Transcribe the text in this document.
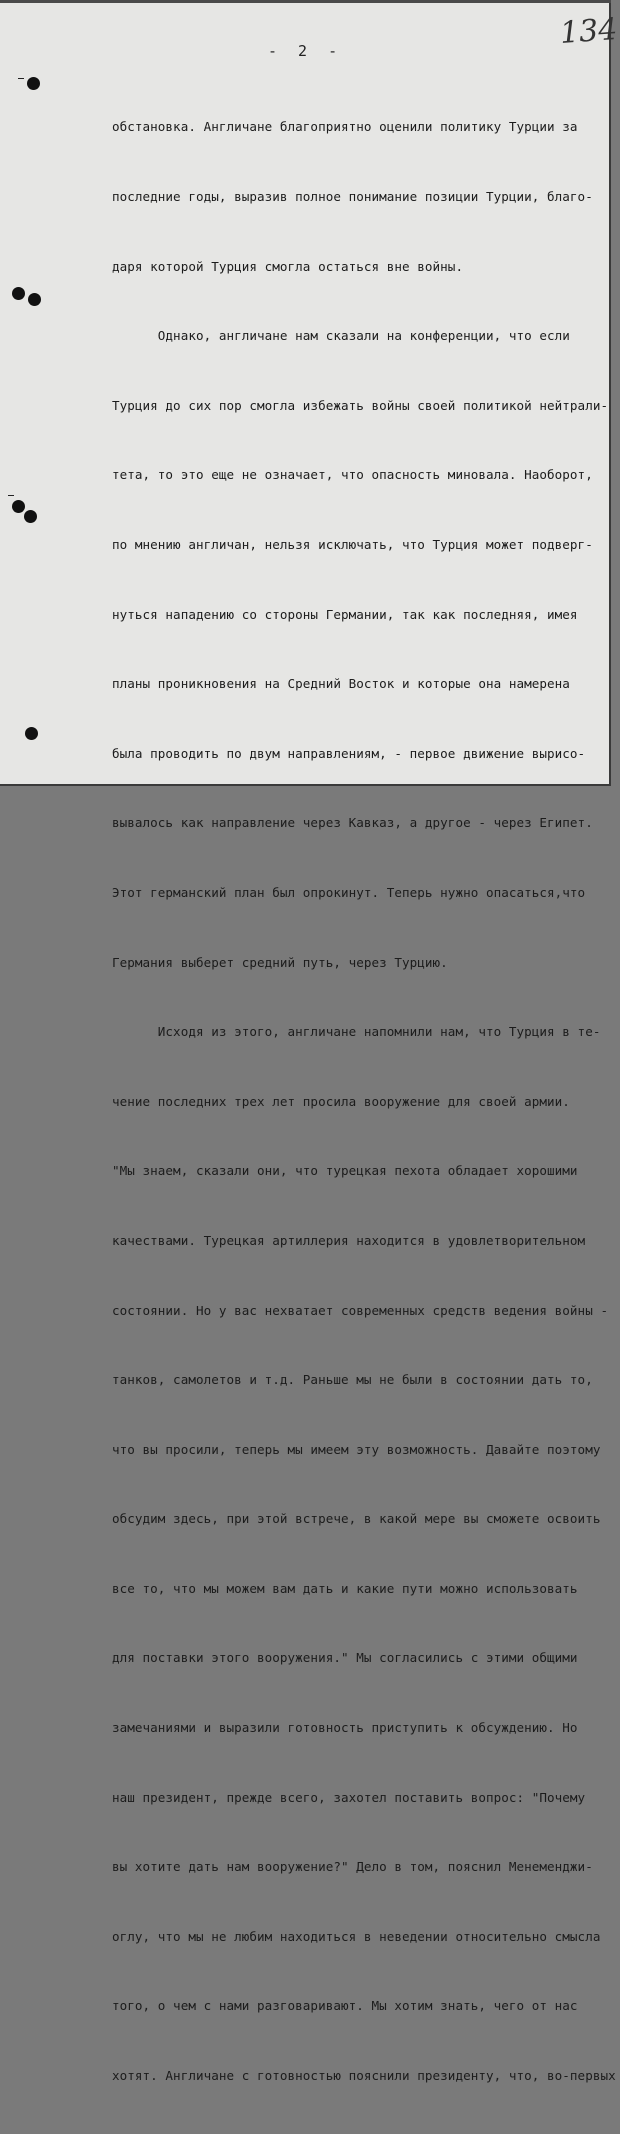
- 2 -
134

обстановка. Англичане благоприятно оценили политику Турции за

последние годы, выразив полное понимание позиции Турции, благо-

даря которой Турция смогла остаться вне войны.

Однако, англичане нам сказали на конференции, что если

Турция до сих пор смогла избежать войны своей политикой нейтрали-

тета, то это еще не означает, что опасность миновала. Наоборот,

по мнению англичан, нельзя исключать, что Турция может подверг-

нуться нападению со стороны Германии, так как последняя, имея

планы проникновения на Средний Восток и которые она намерена

была проводить по двум направлениям, - первое движение вырисо-

вывалось как направление через Кавказ, а другое - через Египет.

Этот германский план был опрокинут. Теперь нужно опасаться,что

Германия выберет средний путь, через Турцию.

Исходя из этого, англичане напомнили нам, что Турция в те-

чение последних трех лет просила вооружение для своей армии.

"Мы знаем, сказали они, что турецкая пехота обладает хорошими

качествами. Турецкая артиллерия находится в удовлетворительном

состоянии. Но у вас нехватает современных средств ведения войны -

танков, самолетов и т.д. Раньше мы не были в состоянии дать то,

что вы просили, теперь мы имеем эту возможность. Давайте поэтому

обсудим здесь, при этой встрече, в какой мере вы сможете освоить

все то, что мы можем вам дать и какие пути можно использовать

для поставки этого вооружения." Мы согласились с этими общими

замечаниями и выразили готовность приступить к обсуждению. Но

наш президент, прежде всего, захотел поставить вопрос: "Почему

вы хотите дать нам вооружение?" Дело в том, пояснил Менеменджи-

оглу, что мы не любим находиться в неведении относительно смысла

того, о чем с нами разговаривают. Мы хотим знать, чего от нас

хотят. Англичане с готовностью пояснили президенту, что, во-первых
